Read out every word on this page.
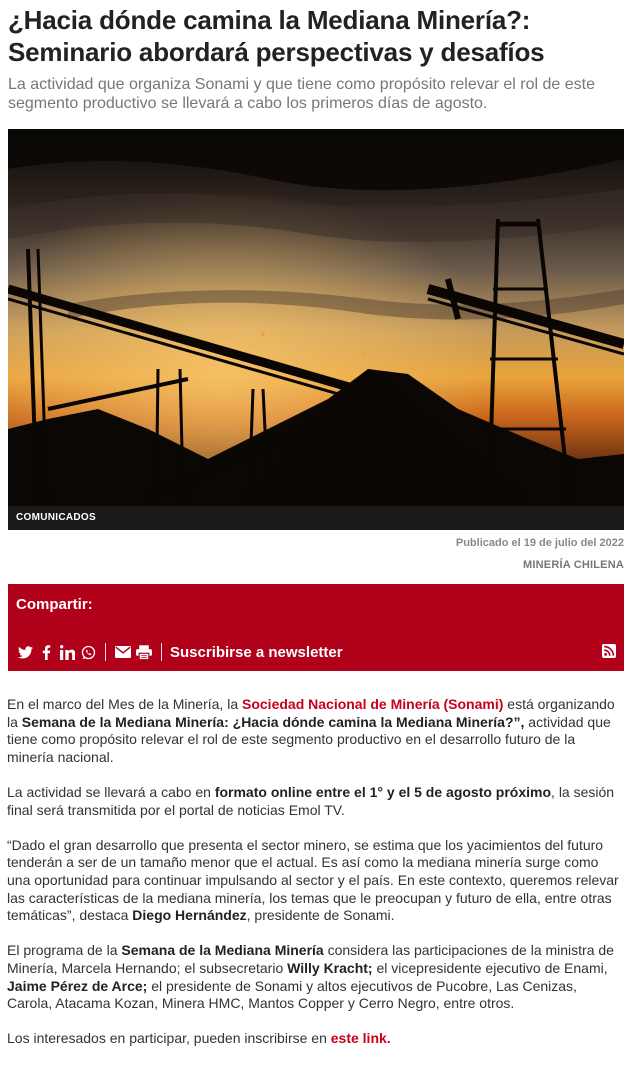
¿Hacia dónde camina la Mediana Minería?: Seminario abordará perspectivas y desafíos

La actividad que organiza Sonami y que tiene como propósito relevar el rol de este segmento productivo se llevará a cabo los primeros días de agosto.

COMUNICADOS
Publicado el 19 de julio del 2022
MINERÍA CHILENA
Compartir:
Suscribirse a newsletter

En el marco del Mes de la Minería, la Sociedad Nacional de Minería (Sonami) está organizando la Semana de la Mediana Minería: ¿Hacia dónde camina la Mediana Minería?”, actividad que tiene como propósito relevar el rol de este segmento productivo en el desarrollo futuro de la minería nacional.

La actividad se llevará a cabo en formato online entre el 1° y el 5 de agosto próximo, la sesión final será transmitida por el portal de noticias Emol TV.

“Dado el gran desarrollo que presenta el sector minero, se estima que los yacimientos del futuro tenderán a ser de un tamaño menor que el actual. Es así como la mediana minería surge como una oportunidad para continuar impulsando al sector y el país. En este contexto, queremos relevar las características de la mediana minería, los temas que le preocupan y futuro de ella, entre otras temáticas”, destaca Diego Hernández, presidente de Sonami.

El programa de la Semana de la Mediana Minería considera las participaciones de la ministra de Minería, Marcela Hernando; el subsecretario Willy Kracht; el vicepresidente ejecutivo de Enami, Jaime Pérez de Arce; el presidente de Sonami y altos ejecutivos de Pucobre, Las Cenizas, Carola, Atacama Kozan, Minera HMC, Mantos Copper y Cerro Negro, entre otros.

Los interesados en participar, pueden inscribirse en este link.
